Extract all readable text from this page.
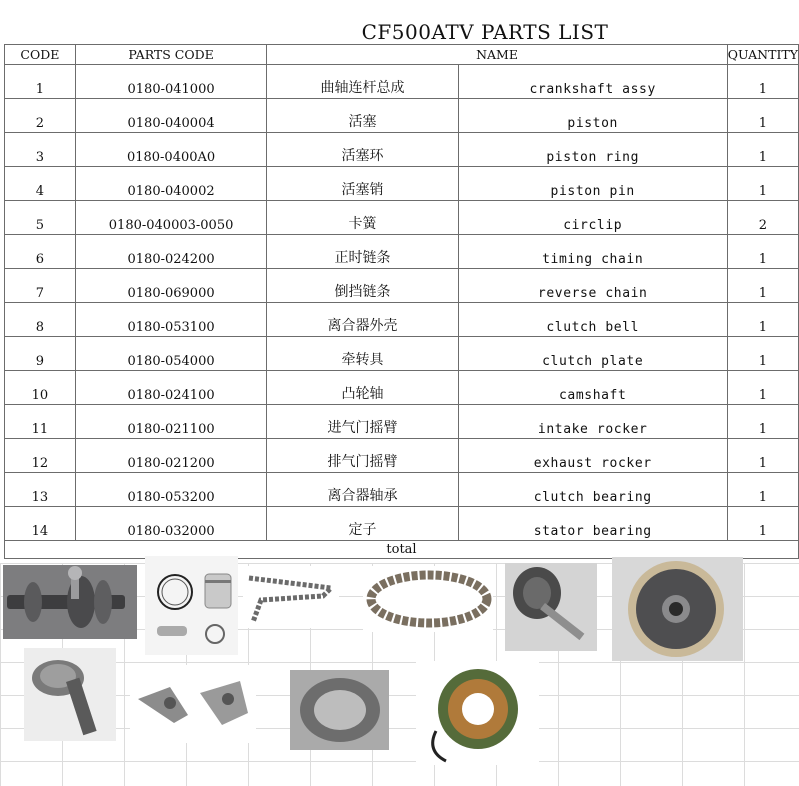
CF500ATV PARTS LIST
CODE	PARTS CODE	NAME		QUANTITY
1	0180-041000	曲轴连杆总成	crankshaft assy	1
2	0180-040004	活塞	piston	1
3	0180-0400A0	活塞环	piston ring	1
4	0180-040002	活塞销	piston pin	1
5	0180-040003-0050	卡簧	circlip	2
6	0180-024200	正时链条	timing chain	1
7	0180-069000	倒挡链条	reverse chain	1
8	0180-053100	离合器外壳	clutch bell	1
9	0180-054000	牵转具	clutch plate	1
10	0180-024100	凸轮轴	camshaft	1
11	0180-021100	进气门摇臂	intake rocker	1
12	0180-021200	排气门摇臂	exhaust rocker	1
13	0180-053200	离合器轴承	clutch bearing	1
14	0180-032000	定子	stator bearing	1
total				
